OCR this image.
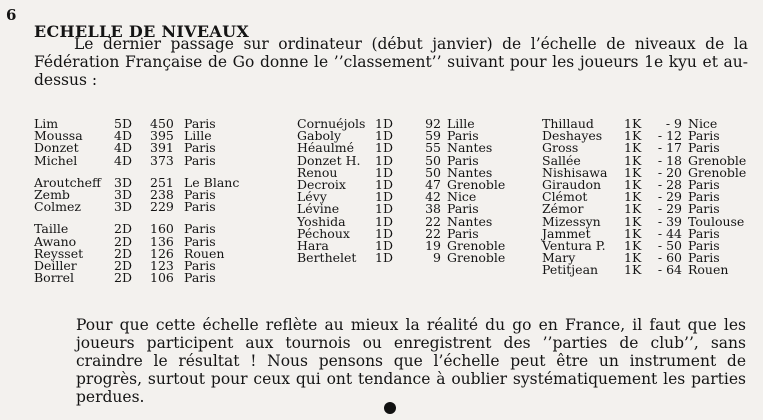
6
ECHELLE DE NIVEAUX

Le dernier passage sur ordinateur (début janvier) de l’échelle de niveaux de la Fédération Française de Go donne le ’’classement’’ suivant pour les joueurs 1e kyu et au-dessus :

Lim	5D	450 Paris
Moussa	4D	395 Lille
Donzet	4D	391 Paris
Michel	4D	373 Paris
Aroutcheff	3D	251 Le Blanc
Zemb	3D	238 Paris
Colmez	3D	229 Paris
Taille	2D	160 Paris
Awano	2D	136 Paris
Reysset	2D	126 Rouen
Deiller	2D	123 Paris
Borrel	2D	106 Paris
Cornuéjols 1D	92 Lille
Gaboly	1D	59 Paris
Héaulmé	1D	55 Nantes
Donzet H.	1D	50 Paris
Renou	1D	50 Nantes
Decroix	1D	47 Grenoble
Lévy	1D	42 Nice
Lévine	1D	38 Paris
Yoshida	1D	22 Nantes
Péchoux	1D	22 Paris
Hara	1D	19 Grenoble
Berthelet	1D	9 Grenoble
Thillaud	1K	- 9 Nice
Deshayes	1K	- 12 Paris
Gross	1K	- 17 Paris
Sallée	1K	- 18 Grenoble
Nishisawa	1K	- 20 Grenoble
Giraudon	1K	- 28 Paris
Clémot	1K	- 29 Paris
Zémor	1K	- 29 Paris
Mizessyn	1K	- 39 Toulouse
Jammet	1K	- 44 Paris
Ventura P.	1K	- 50 Paris
Mary	1K	- 60 Paris
Petitjean	1K	- 64 Rouen

Pour que cette échelle reflète au mieux la réalité du go en France, il faut que les joueurs participent aux tournois ou enregistrent des ’’parties de club’’, sans craindre le résultat ! Nous pensons que l’échelle peut être un instrument de progrès, surtout pour ceux qui ont tendance à oublier systématiquement les parties perdues.
